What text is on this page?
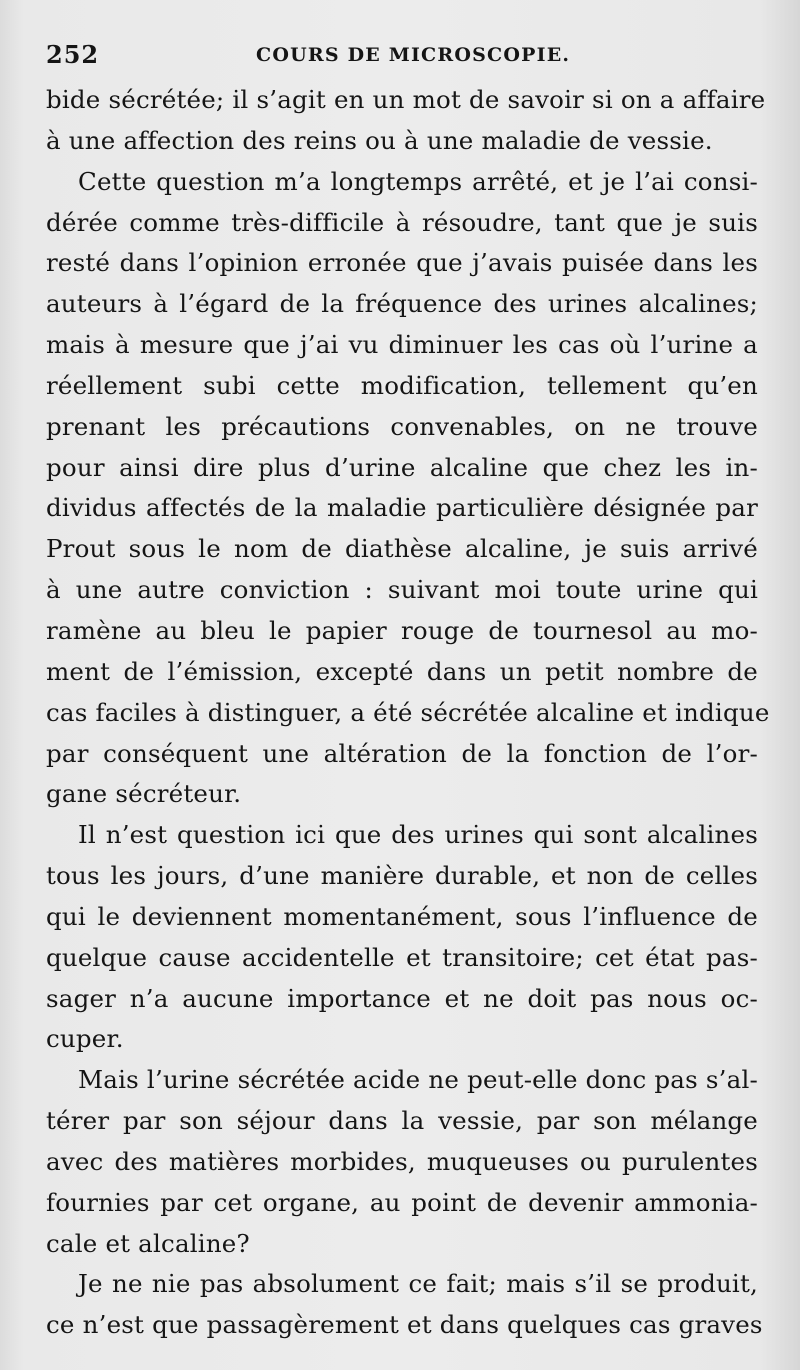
252	COURS DE MICROSCOPIE.
bide sécrétée; il s’agit en un mot de savoir si on a affaire
à une affection des reins ou à une maladie de vessie.
Cette question m’a longtemps arrêté, et je l’ai consi-
dérée comme très-difficile à résoudre, tant que je suis
resté dans l’opinion erronée que j’avais puisée dans les
auteurs à l’égard de la fréquence des urines alcalines;
mais à mesure que j’ai vu diminuer les cas où l’urine a
réellement subi cette modification, tellement qu’en
prenant les précautions convenables, on ne trouve
pour ainsi dire plus d’urine alcaline que chez les in-
dividus affectés de la maladie particulière désignée par
Prout sous le nom de diathèse alcaline, je suis arrivé
à une autre conviction : suivant moi toute urine qui
ramène au bleu le papier rouge de tournesol au mo-
ment de l’émission, excepté dans un petit nombre de
cas faciles à distinguer, a été sécrétée alcaline et indique
par conséquent une altération de la fonction de l’or-
gane sécréteur.
Il n’est question ici que des urines qui sont alcalines
tous les jours, d’une manière durable, et non de celles
qui le deviennent momentanément, sous l’influence de
quelque cause accidentelle et transitoire; cet état pas-
sager n’a aucune importance et ne doit pas nous oc-
cuper.
Mais l’urine sécrétée acide ne peut-elle donc pas s’al-
térer par son séjour dans la vessie, par son mélange
avec des matières morbides, muqueuses ou purulentes
fournies par cet organe, au point de devenir ammonia-
cale et alcaline?
Je ne nie pas absolument ce fait; mais s’il se produit,
ce n’est que passagèrement et dans quelques cas graves
